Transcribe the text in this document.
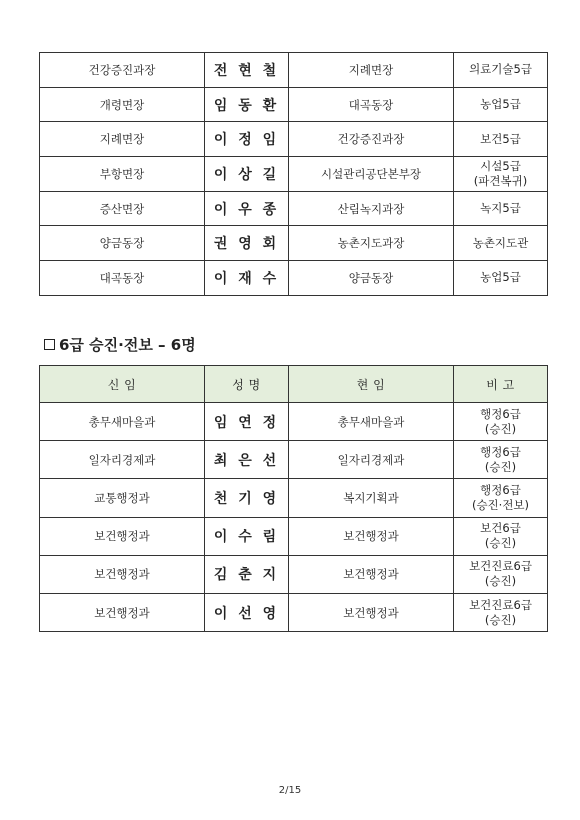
건강증진과장	전 현 철	지례면장	의료기술5급

개령면장	임 동 환	대곡동장	농업5급

지례면장	이 정 임	건강증진과장	보건5급

부항면장	이 상 길	시설관리공단본부장	시설5급
(파견복귀)

증산면장	이 우 종	산림녹지과장	녹지5급

양금동장	권 영 회	농촌지도과장	농촌지도관

대곡동장	이 재 수	양금동장	농업5급
6급 승진·전보 – 6명
신 임	성 명	현 임	비 고
총무새마을과	임 연 정	총무새마을과	행정6급
(승진)

일자리경제과	최 은 선	일자리경제과	행정6급
(승진)

교통행정과	천 기 영	복지기획과	행정6급
(승진·전보)

보건행정과	이 수 림	보건행정과	보건6급
(승진)

보건행정과	김 춘 지	보건행정과	보건진료6급
(승진)

보건행정과	이 선 영	보건행정과	보건진료6급
(승진)
2/15
